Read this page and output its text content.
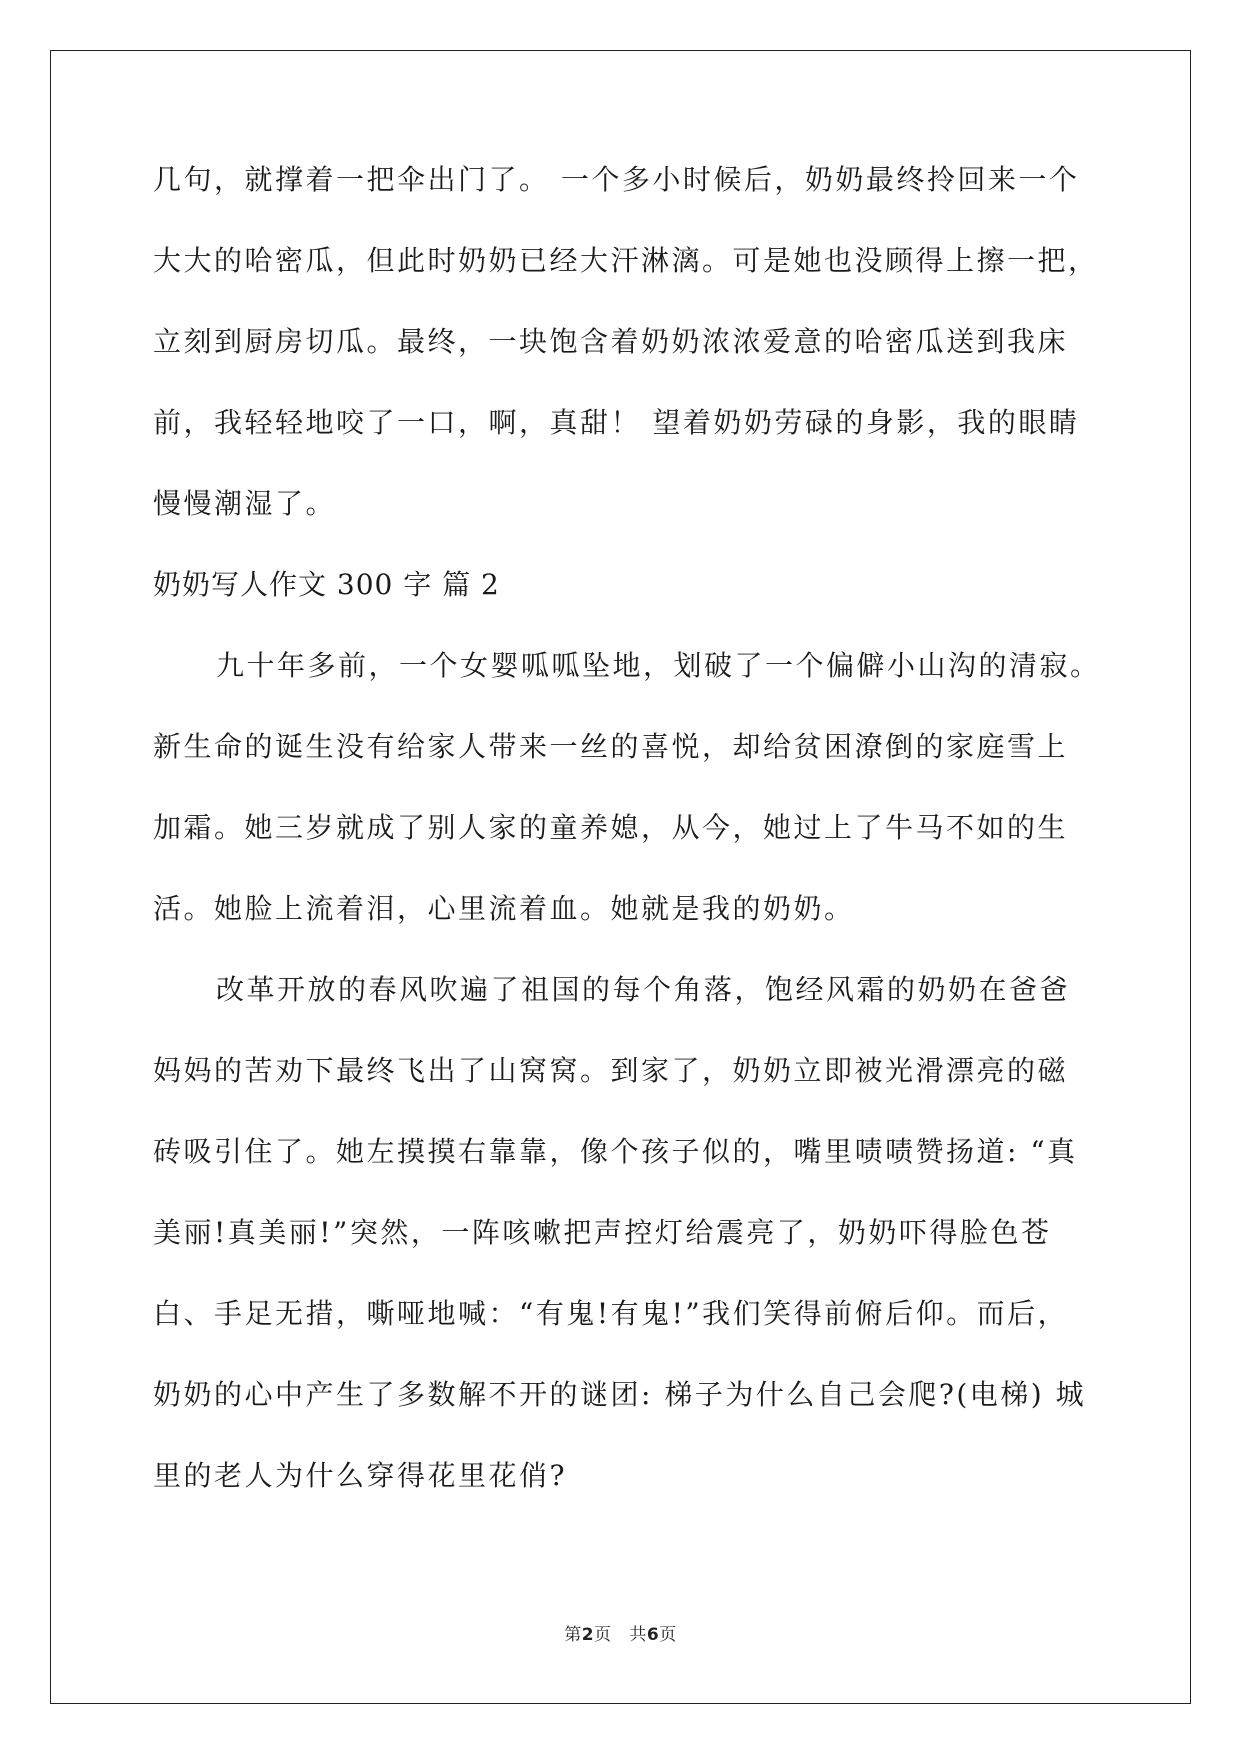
几句，就撑着一把伞出门了。 一个多小时候后，奶奶最终拎回来一个
大大的哈密瓜，但此时奶奶已经大汗淋漓。可是她也没顾得上擦一把，
立刻到厨房切瓜。最终，一块饱含着奶奶浓浓爱意的哈密瓜送到我床
前，我轻轻地咬了一口，啊，真甜！ 望着奶奶劳碌的身影，我的眼睛
慢慢潮湿了。
奶奶写人作文 300 字 篇 2
九十年多前，一个女婴呱呱坠地，划破了一个偏僻小山沟的清寂。
新生命的诞生没有给家人带来一丝的喜悦，却给贫困潦倒的家庭雪上
加霜。她三岁就成了别人家的童养媳，从今，她过上了牛马不如的生
活。她脸上流着泪，心里流着血。她就是我的奶奶。
改革开放的春风吹遍了祖国的每个角落，饱经风霜的奶奶在爸爸
妈妈的苦劝下最终飞出了山窝窝。到家了，奶奶立即被光滑漂亮的磁
砖吸引住了。她左摸摸右靠靠，像个孩子似的，嘴里啧啧赞扬道: “真
美丽!真美丽!”突然，一阵咳嗽把声控灯给震亮了，奶奶吓得脸色苍
白、手足无措，嘶哑地喊：“有鬼!有鬼!”我们笑得前俯后仰。而后，
奶奶的心中产生了多数解不开的谜团: 梯子为什么自己会爬?(电梯) 城
里的老人为什么穿得花里花俏?
第2页 共6页
